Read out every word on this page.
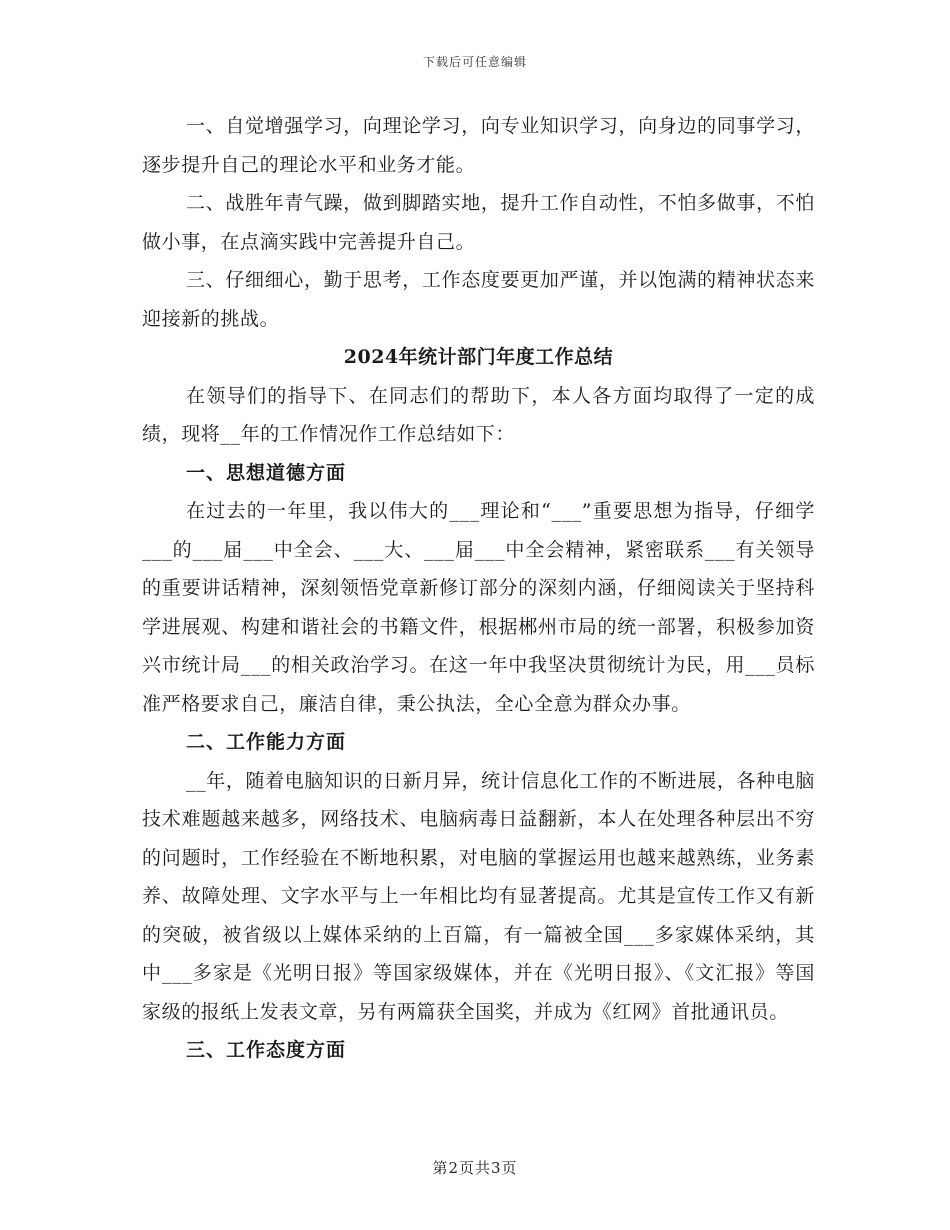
下载后可任意编辑

一、自觉增强学习，向理论学习，向专业知识学习，向身边的同事学习，逐步提升自己的理论水平和业务才能。

二、战胜年青气躁，做到脚踏实地，提升工作自动性，不怕多做事，不怕做小事，在点滴实践中完善提升自己。

三、仔细细心，勤于思考，工作态度要更加严谨，并以饱满的精神状态来迎接新的挑战。

2024年统计部门年度工作总结

在领导们的指导下、在同志们的帮助下，本人各方面均取得了一定的成绩，现将__年的工作情况作工作总结如下：

一、思想道德方面

在过去的一年里，我以伟大的___理论和“___”重要思想为指导，仔细学___的___届___中全会、___大、___届___中全会精神，紧密联系___有关领导的重要讲话精神，深刻领悟党章新修订部分的深刻内涵，仔细阅读关于坚持科学进展观、构建和谐社会的书籍文件，根据郴州市局的统一部署，积极参加资兴市统计局___的相关政治学习。在这一年中我坚决贯彻统计为民，用___员标准严格要求自己，廉洁自律，秉公执法，全心全意为群众办事。

二、工作能力方面

__年，随着电脑知识的日新月异，统计信息化工作的不断进展，各种电脑技术难题越来越多，网络技术、电脑病毒日益翻新，本人在处理各种层出不穷的问题时，工作经验在不断地积累，对电脑的掌握运用也越来越熟练，业务素养、故障处理、文字水平与上一年相比均有显著提高。尤其是宣传工作又有新的突破，被省级以上媒体采纳的上百篇，有一篇被全国___多家媒体采纳，其中___多家是《光明日报》等国家级媒体，并在《光明日报》、《文汇报》等国家级的报纸上发表文章，另有两篇获全国奖，并成为《红网》首批通讯员。

三、工作态度方面

第2页共3页
